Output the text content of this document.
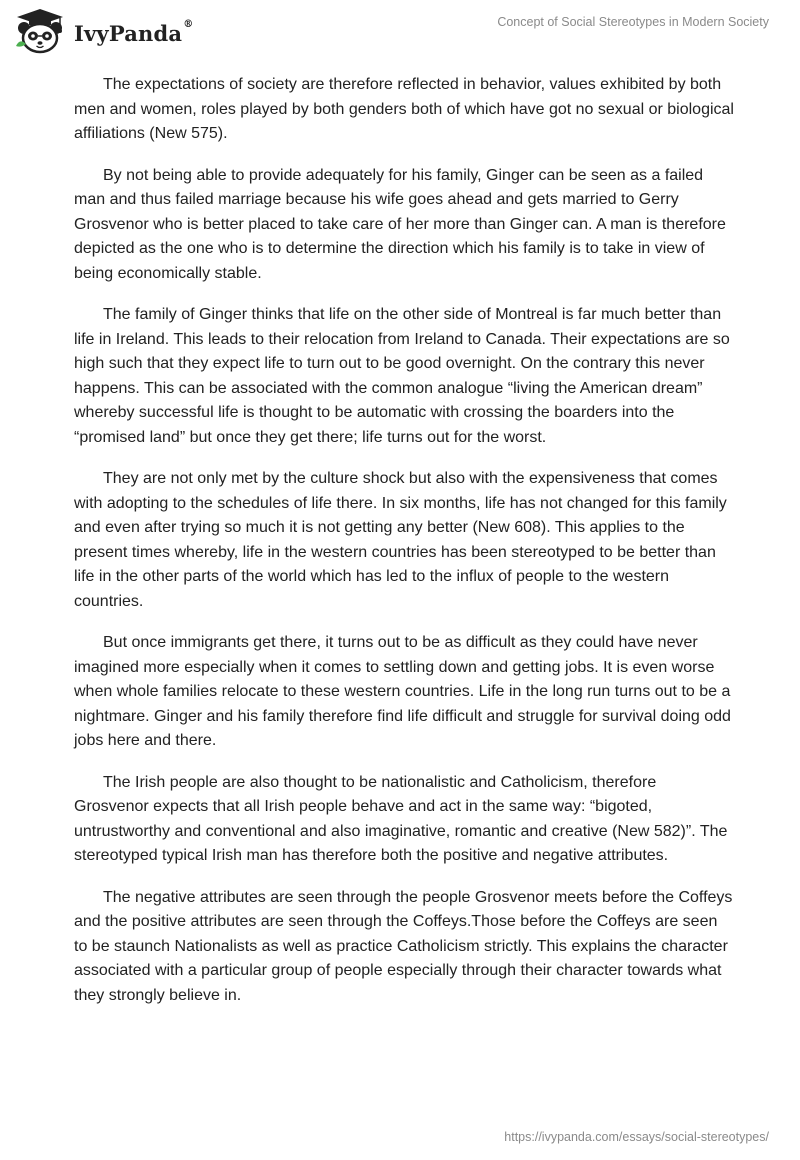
IvyPanda®	Concept of Social Stereotypes in Modern Society

The expectations of society are therefore reflected in behavior, values exhibited by both men and women, roles played by both genders both of which have got no sexual or biological affiliations (New 575).

By not being able to provide adequately for his family, Ginger can be seen as a failed man and thus failed marriage because his wife goes ahead and gets married to Gerry Grosvenor who is better placed to take care of her more than Ginger can. A man is therefore depicted as the one who is to determine the direction which his family is to take in view of being economically stable.

The family of Ginger thinks that life on the other side of Montreal is far much better than life in Ireland. This leads to their relocation from Ireland to Canada. Their expectations are so high such that they expect life to turn out to be good overnight. On the contrary this never happens. This can be associated with the common analogue “living the American dream” whereby successful life is thought to be automatic with crossing the boarders into the “promised land” but once they get there; life turns out for the worst.

They are not only met by the culture shock but also with the expensiveness that comes with adopting to the schedules of life there. In six months, life has not changed for this family and even after trying so much it is not getting any better (New 608). This applies to the present times whereby, life in the western countries has been stereotyped to be better than life in the other parts of the world which has led to the influx of people to the western countries.

But once immigrants get there, it turns out to be as difficult as they could have never imagined more especially when it comes to settling down and getting jobs. It is even worse when whole families relocate to these western countries. Life in the long run turns out to be a nightmare. Ginger and his family therefore find life difficult and struggle for survival doing odd jobs here and there.

The Irish people are also thought to be nationalistic and Catholicism, therefore Grosvenor expects that all Irish people behave and act in the same way: “bigoted, untrustworthy and conventional and also imaginative, romantic and creative (New 582)”. The stereotyped typical Irish man has therefore both the positive and negative attributes.

The negative attributes are seen through the people Grosvenor meets before the Coffeys and the positive attributes are seen through the Coffeys.Those before the Coffeys are seen to be staunch Nationalists as well as practice Catholicism strictly. This explains the character associated with a particular group of people especially through their character towards what they strongly believe in.

https://ivypanda.com/essays/social-stereotypes/
